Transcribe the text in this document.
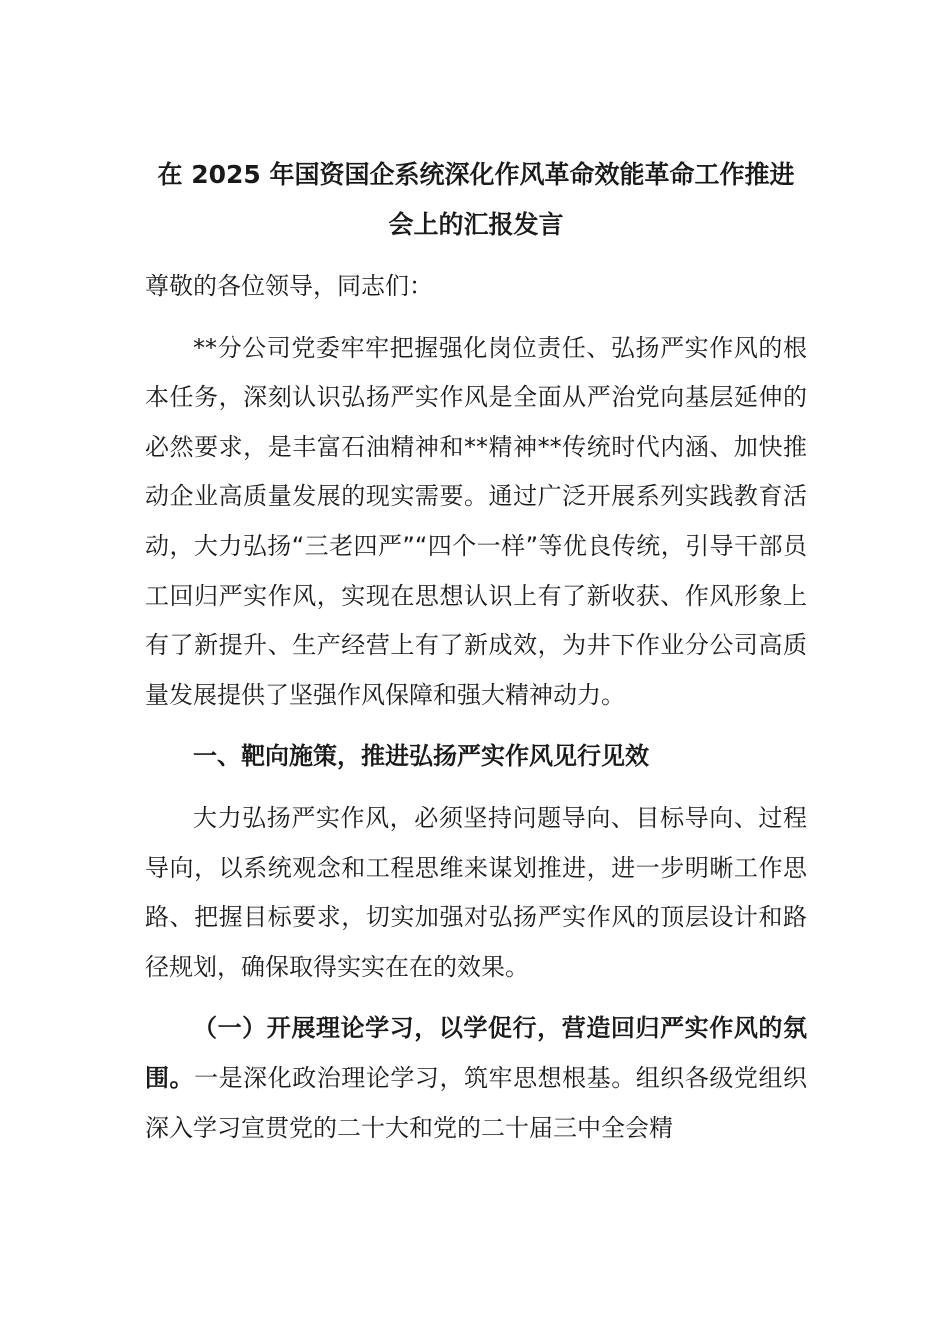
在 2025 年国资国企系统深化作风革命效能革命工作推进
会上的汇报发言

尊敬的各位领导，同志们：

**分公司党委牢牢把握强化岗位责任、弘扬严实作风的根本任务，深刻认识弘扬严实作风是全面从严治党向基层延伸的必然要求，是丰富石油精神和**精神**传统时代内涵、加快推动企业高质量发展的现实需要。通过广泛开展系列实践教育活动，大力弘扬“三老四严”“四个一样”等优良传统，引导干部员工回归严实作风，实现在思想认识上有了新收获、作风形象上有了新提升、生产经营上有了新成效，为井下作业分公司高质量发展提供了坚强作风保障和强大精神动力。

一、靶向施策，推进弘扬严实作风见行见效

大力弘扬严实作风，必须坚持问题导向、目标导向、过程导向，以系统观念和工程思维来谋划推进，进一步明晰工作思路、把握目标要求，切实加强对弘扬严实作风的顶层设计和路径规划，确保取得实实在在的效果。

（一）开展理论学习，以学促行，营造回归严实作风的氛围。一是深化政治理论学习，筑牢思想根基。组织各级党组织深入学习宣贯党的二十大和党的二十届三中全会精
